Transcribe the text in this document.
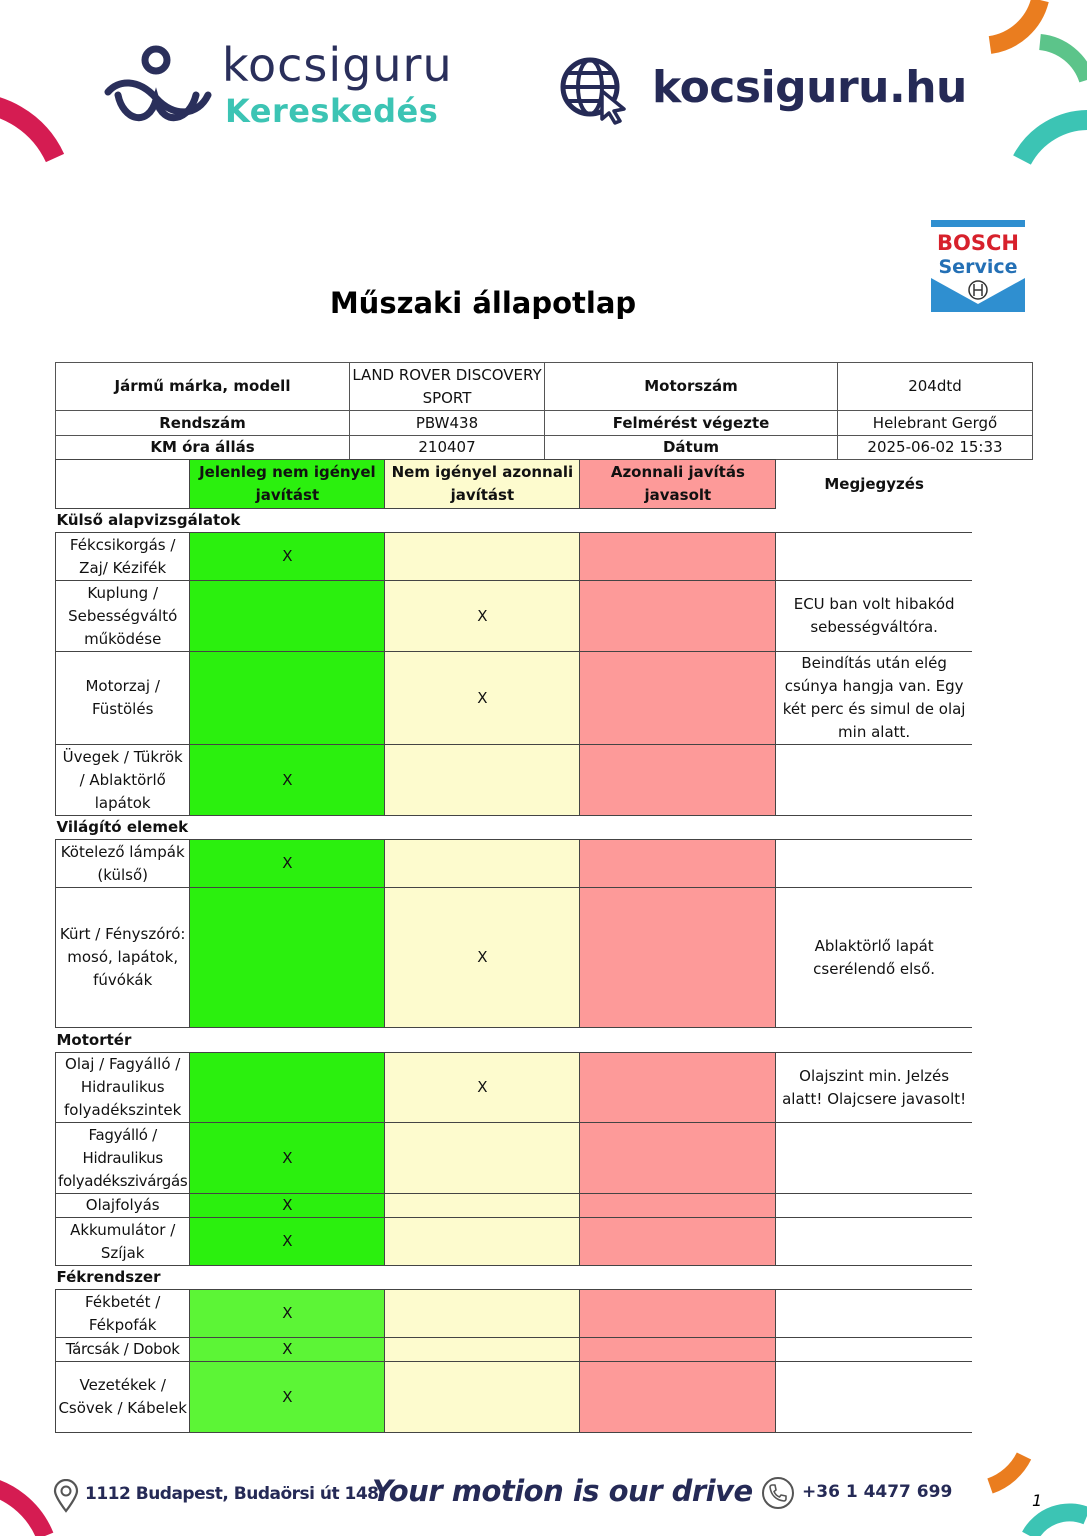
kocsiguru
Kereskedés	kocsiguru.hu
BOSCH
Service
Műszaki állapotlap
Jármű márka, modell	LAND ROVER DISCOVERY SPORT	Motorszám	204dtd
Rendszám	PBW438	Felmérést végezte	Helebrant Gergő
KM óra állás	210407	Dátum	2025-06-02 15:33
	Jelenleg nem igényel javítást	Nem igényel azonnali javítást	Azonnali javítás javasolt	Megjegyzés
Külső alapvizsgálatok				
Fékcsikorgás / Zaj/ Kézifék	X			
Kuplung / Sebességváltó működése		X		ECU ban volt hibakód sebességváltóra.
Motorzaj / Füstölés		X		Beindítás után elég csúnya hangja van. Egy két perc és simul de olaj min alatt.
Üvegek / Tükrök / Ablaktörlő lapátok	X			
Világító elemek				
Kötelező lámpák (külső)	X			
Kürt / Fényszóró: mosó, lapátok, fúvókák		X		Ablaktörlő lapát cserélendő első.
Motortér				
Olaj / Fagyálló / Hidraulikus folyadékszintek		X		Olajszint min. Jelzés alatt! Olajcsere javasolt!
Fagyálló / Hidraulikus folyadékszivárgás	X			
Olajfolyás	X			
Akkumulátor / Szíjak	X			
Fékrendszer				
Fékbetét / Fékpofák	X			
Tárcsák / Dobok	X			
Vezetékek / Csövek / Kábelek	X			
1112 Budapest, Budaörsi út 148.
Your motion is our drive	+36 1 4477 699	1
